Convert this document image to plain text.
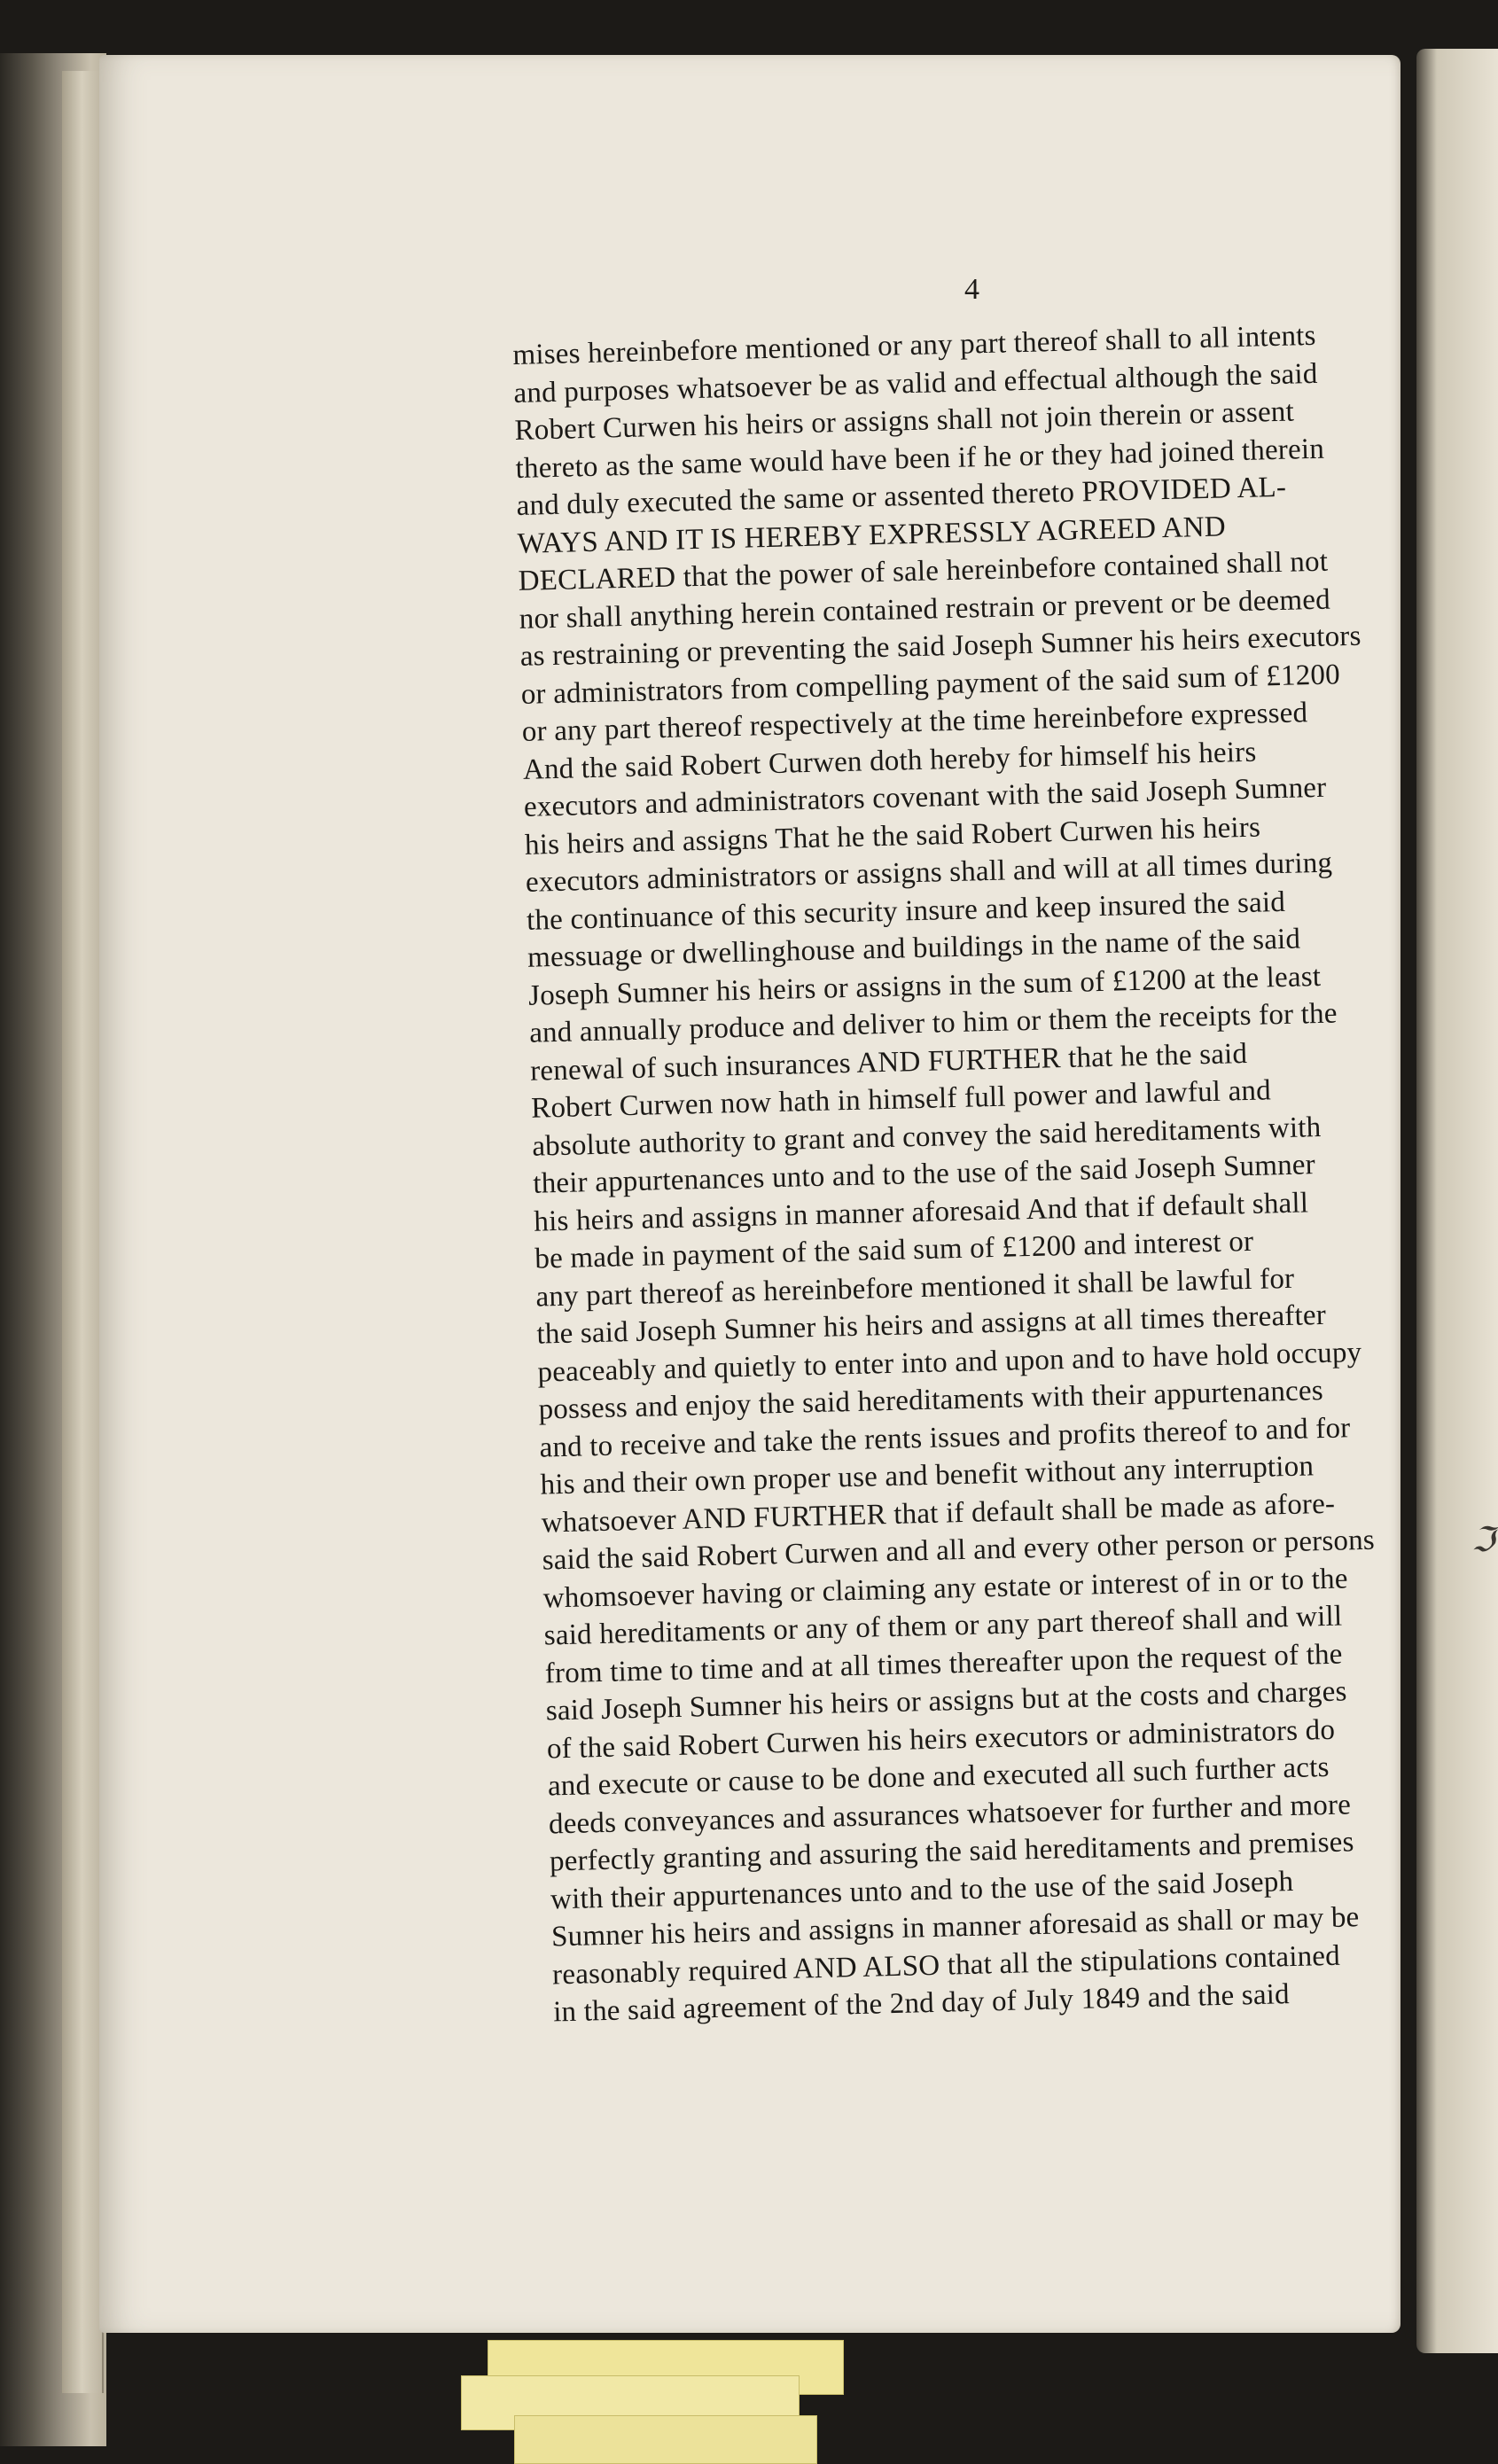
ℑ
4
mises hereinbefore mentioned or any part thereof shall to all intents
and purposes whatsoever be as valid and effectual although the said
Robert Curwen his heirs or assigns shall not join therein or assent
thereto as the same would have been if he or they had joined therein
and duly executed the same or assented thereto PROVIDED AL-
WAYS AND IT IS HEREBY EXPRESSLY AGREED AND
DECLARED that the power of sale hereinbefore contained shall not
nor shall anything herein contained restrain or prevent or be deemed
as restraining or preventing the said Joseph Sumner his heirs executors
or administrators from compelling payment of the said sum of £1200
or any part thereof respectively at the time hereinbefore expressed
And the said Robert Curwen doth hereby for himself his heirs
executors and administrators covenant with the said Joseph Sumner
his heirs and assigns That he the said Robert Curwen his heirs
executors administrators or assigns shall and will at all times during
the continuance of this security insure and keep insured the said
messuage or dwellinghouse and buildings in the name of the said
Joseph Sumner his heirs or assigns in the sum of £1200 at the least
and annually produce and deliver to him or them the receipts for the
renewal of such insurances AND FURTHER that he the said
Robert Curwen now hath in himself full power and lawful and
absolute authority to grant and convey the said hereditaments with
their appurtenances unto and to the use of the said Joseph Sumner
his heirs and assigns in manner aforesaid And that if default shall
be made in payment of the said sum of £1200 and interest or
any part thereof as hereinbefore mentioned it shall be lawful for
the said Joseph Sumner his heirs and assigns at all times thereafter
peaceably and quietly to enter into and upon and to have hold occupy
possess and enjoy the said hereditaments with their appurtenances
and to receive and take the rents issues and profits thereof to and for
his and their own proper use and benefit without any interruption
whatsoever AND FURTHER that if default shall be made as afore-
said the said Robert Curwen and all and every other person or persons
whomsoever having or claiming any estate or interest of in or to the
said hereditaments or any of them or any part thereof shall and will
from time to time and at all times thereafter upon the request of the
said Joseph Sumner his heirs or assigns but at the costs and charges
of the said Robert Curwen his heirs executors or administrators do
and execute or cause to be done and executed all such further acts
deeds conveyances and assurances whatsoever for further and more
perfectly granting and assuring the said hereditaments and premises
with their appurtenances unto and to the use of the said Joseph
Sumner his heirs and assigns in manner aforesaid as shall or may be
reasonably required AND ALSO that all the stipulations contained
in the said agreement of the 2nd day of July 1849 and the said
